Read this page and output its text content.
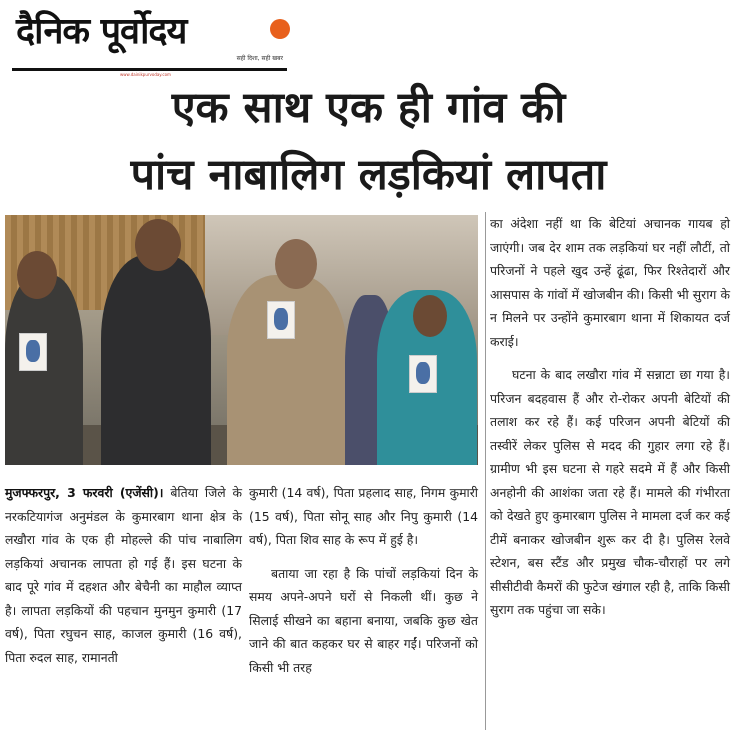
दैनिक पूर्वोदय
सही दिशा, सही खबर
www.dainikpurvoday.com
एक साथ एक ही गांव की
पांच नाबालिग लड़कियां लापता

मुजफ्फरपुर, 3 फरवरी (एजेंसी)। बेतिया जिले के नरकटियागंज अनुमंडल के कुमारबाग थाना क्षेत्र के लखौरा गांव के एक ही मोहल्ले की पांच नाबालिग लड़कियां अचानक लापता हो गई हैं। इस घटना के बाद पूरे गांव में दहशत और बेचैनी का माहौल व्याप्त है। लापता लड़कियों की पहचान मुनमुन कुमारी (17 वर्ष), पिता रघुचन साह, काजल कुमारी (16 वर्ष), पिता रुदल साह, रामानती

कुमारी (14 वर्ष), पिता प्रहलाद साह, निगम कुमारी (15 वर्ष), पिता सोनू साह और निपु कुमारी (14 वर्ष), पिता शिव साह के रूप में हुई है।

बताया जा रहा है कि पांचों लड़कियां दिन के समय अपने-अपने घरों से निकली थीं। कुछ ने सिलाई सीखने का बहाना बनाया, जबकि कुछ खेत जाने की बात कहकर घर से बाहर गईं। परिजनों को किसी भी तरह

का अंदेशा नहीं था कि बेटियां अचानक गायब हो जाएंगी। जब देर शाम तक लड़कियां घर नहीं लौटीं, तो परिजनों ने पहले खुद उन्हें ढूंढा, फिर रिश्तेदारों और आसपास के गांवों में खोजबीन की। किसी भी सुराग के न मिलने पर उन्होंने कुमारबाग थाना में शिकायत दर्ज कराई।

घटना के बाद लखौरा गांव में सन्नाटा छा गया है। परिजन बदहवास हैं और रो-रोकर अपनी बेटियों की तलाश कर रहे हैं। कई परिजन अपनी बेटियों की तस्वीरें लेकर पुलिस से मदद की गुहार लगा रहे हैं। ग्रामीण भी इस घटना से गहरे सदमे में हैं और किसी अनहोनी की आशंका जता रहे हैं। मामले की गंभीरता को देखते हुए कुमारबाग पुलिस ने मामला दर्ज कर कई टीमें बनाकर खोजबीन शुरू कर दी है। पुलिस रेलवे स्टेशन, बस स्टैंड और प्रमुख चौक-चौराहों पर लगे सीसीटीवी कैमरों की फुटेज खंगाल रही है, ताकि किसी सुराग तक पहुंचा जा सके।
